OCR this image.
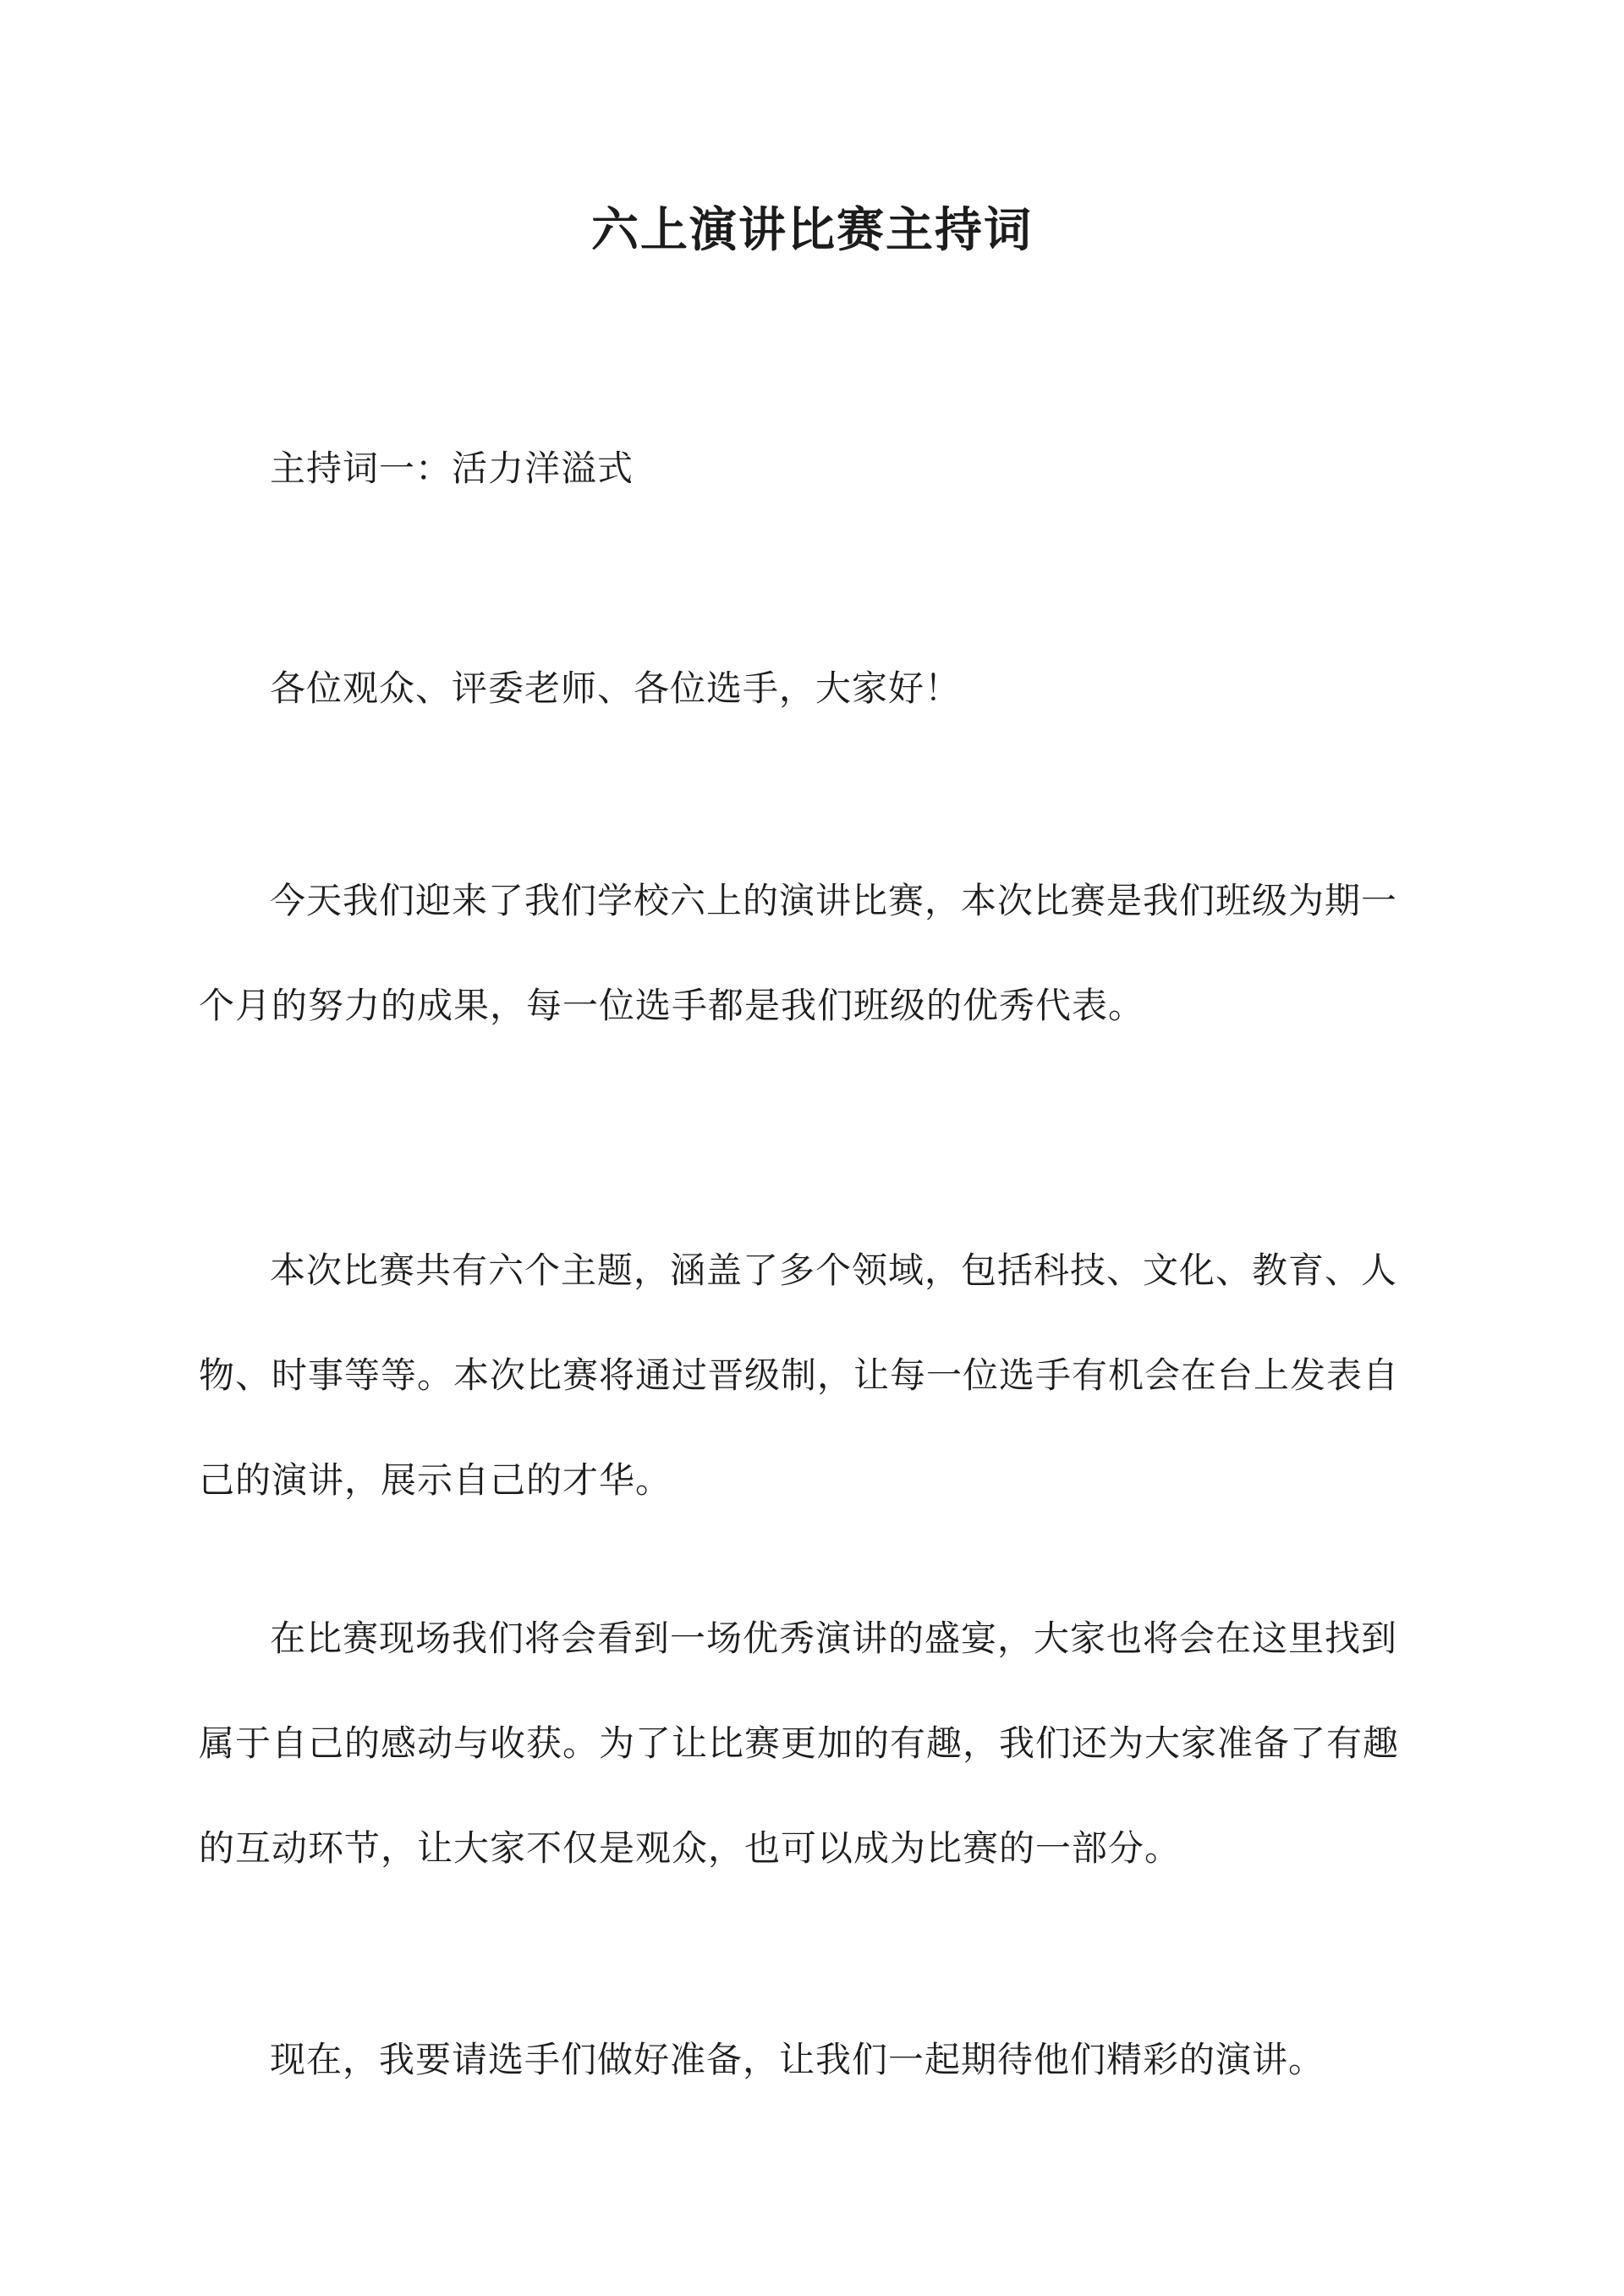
六上演讲比赛主持词

主持词一：活力洋溢式

各位观众、评委老师、各位选手，大家好！

今天我们迎来了我们学校六上的演讲比赛，本次比赛是我们班级为期一个月的努力的成果，每一位选手都是我们班级的优秀代表。

本次比赛共有六个主题，涵盖了多个领域，包括科技、文化、教育、人物、时事等等。本次比赛将通过晋级制，让每一位选手有机会在台上发表自己的演讲，展示自己的才华。

在比赛现场我们将会看到一场优秀演讲的盛宴，大家也将会在这里找到属于自己的感动与收获。为了让比赛更加的有趣，我们还为大家准备了有趣的互动环节，让大家不仅是观众，也可以成为比赛的一部分。

现在，我要请选手们做好准备，让我们一起期待他们精彩的演讲。
